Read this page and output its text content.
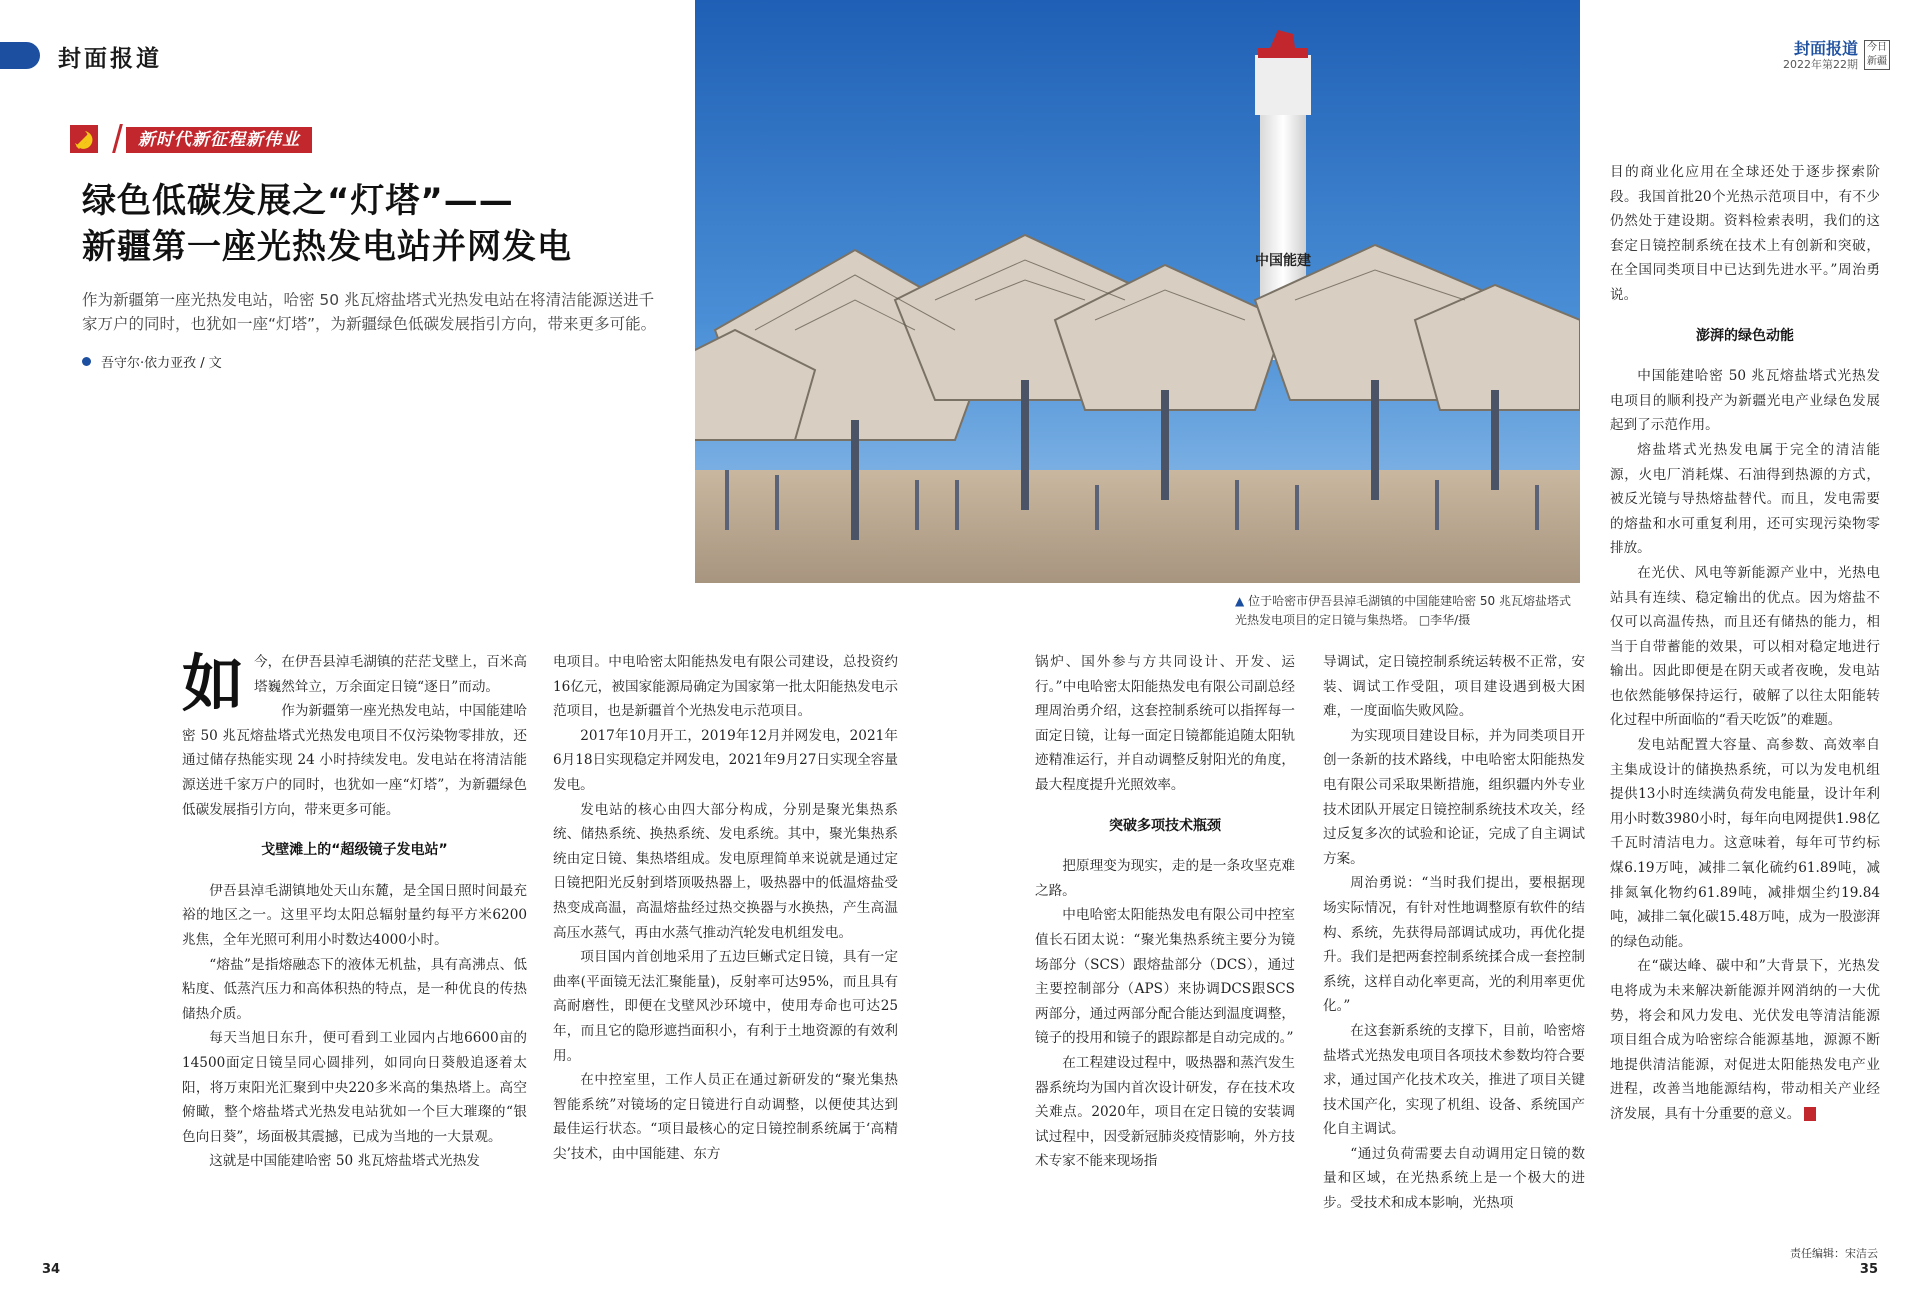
封面报道	封面报道
2022年第22期
今日新疆
新时代新征程新伟业
绿色低碳发展之“灯塔”——
新疆第一座光热发电站并网发电
作为新疆第一座光热发电站，哈密 50 兆瓦熔盐塔式光热发电站在将清洁能源送进千家万户的同时，也犹如一座“灯塔”，为新疆绿色低碳发展指引方向，带来更多可能。
吾守尔·依力亚孜 / 文
中国能建
▲ 位于哈密市伊吾县淖毛湖镇的中国能建哈密 50 兆瓦熔盐塔式光热发电项目的定日镜与集热塔。 □李华/摄
如 今，在伊吾县淖毛湖镇的茫茫戈壁上，百米高塔巍然耸立，万余面定日镜“逐日”而动。

作为新疆第一座光热发电站，中国能建哈密 50 兆瓦熔盐塔式光热发电项目不仅污染物零排放，还通过储存热能实现 24 小时持续发电。发电站在将清洁能源送进千家万户的同时，也犹如一座“灯塔”，为新疆绿色低碳发展指引方向，带来更多可能。

戈壁滩上的“超级镜子发电站”

伊吾县淖毛湖镇地处天山东麓，是全国日照时间最充裕的地区之一。这里平均太阳总辐射量约每平方米6200兆焦，全年光照可利用小时数达4000小时。

“熔盐”是指熔融态下的液体无机盐，具有高沸点、低粘度、低蒸汽压力和高体积热的特点，是一种优良的传热储热介质。

每天当旭日东升，便可看到工业园内占地6600亩的14500面定日镜呈同心圆排列，如同向日葵般追逐着太阳，将万束阳光汇聚到中央220多米高的集热塔上。高空俯瞰，整个熔盐塔式光热发电站犹如一个巨大璀璨的“银色向日葵”，场面极其震撼，已成为当地的一大景观。

这就是中国能建哈密 50 兆瓦熔盐塔式光热发

电项目。中电哈密太阳能热发电有限公司建设，总投资约16亿元，被国家能源局确定为国家第一批太阳能热发电示范项目，也是新疆首个光热发电示范项目。

2017年10月开工，2019年12月并网发电，2021年6月18日实现稳定并网发电，2021年9月27日实现全容量发电。

发电站的核心由四大部分构成，分别是聚光集热系统、储热系统、换热系统、发电系统。其中，聚光集热系统由定日镜、集热塔组成。发电原理简单来说就是通过定日镜把阳光反射到塔顶吸热器上，吸热器中的低温熔盐受热变成高温，高温熔盐经过热交换器与水换热，产生高温高压水蒸气，再由水蒸气推动汽轮发电机组发电。

项目国内首创地采用了五边巨蜥式定日镜，具有一定曲率(平面镜无法汇聚能量)，反射率可达95%，而且具有高耐磨性，即便在戈壁风沙环境中，使用寿命也可达25年，而且它的隐形遮挡面积小，有利于土地资源的有效利用。

在中控室里，工作人员正在通过新研发的“聚光集热智能系统”对镜场的定日镜进行自动调整，以便使其达到最佳运行状态。“项目最核心的定日镜控制系统属于‘高精尖’技术，由中国能建、东方

锅炉、国外参与方共同设计、开发、运行。”中电哈密太阳能热发电有限公司副总经理周治勇介绍，这套控制系统可以指挥每一面定日镜，让每一面定日镜都能追随太阳轨迹精准运行，并自动调整反射阳光的角度，最大程度提升光照效率。

突破多项技术瓶颈

把原理变为现实，走的是一条攻坚克难之路。

中电哈密太阳能热发电有限公司中控室值长石团太说：“聚光集热系统主要分为镜场部分（SCS）跟熔盐部分（DCS），通过主要控制部分（APS）来协调DCS跟SCS两部分，通过两部分配合能达到温度调整，镜子的投用和镜子的跟踪都是自动完成的。”

在工程建设过程中，吸热器和蒸汽发生器系统均为国内首次设计研发，存在技术攻关难点。2020年，项目在定日镜的安装调试过程中，因受新冠肺炎疫情影响，外方技术专家不能来现场指

导调试，定日镜控制系统运转极不正常，安装、调试工作受阻，项目建设遇到极大困难，一度面临失败风险。

为实现项目建设目标，并为同类项目开创一条新的技术路线，中电哈密太阳能热发电有限公司采取果断措施，组织疆内外专业技术团队开展定日镜控制系统技术攻关，经过反复多次的试验和论证，完成了自主调试方案。

周治勇说：“当时我们提出，要根据现场实际情况，有针对性地调整原有软件的结构、系统，先获得局部调试成功，再优化提升。我们是把两套控制系统揉合成一套控制系统，这样自动化率更高，光的利用率更优化。”

在这套新系统的支撑下，目前，哈密熔盐塔式光热发电项目各项技术参数均符合要求，通过国产化技术攻关，推进了项目关键技术国产化，实现了机组、设备、系统国产化自主调试。

“通过负荷需要去自动调用定日镜的数量和区域，在光热系统上是一个极大的进步。受技术和成本影响，光热项

目的商业化应用在全球还处于逐步探索阶段。我国首批20个光热示范项目中，有不少仍然处于建设期。资料检索表明，我们的这套定日镜控制系统在技术上有创新和突破，在全国同类项目中已达到先进水平。”周治勇说。

澎湃的绿色动能

中国能建哈密 50 兆瓦熔盐塔式光热发电项目的顺利投产为新疆光电产业绿色发展起到了示范作用。

熔盐塔式光热发电属于完全的清洁能源，火电厂消耗煤、石油得到热源的方式，被反光镜与导热熔盐替代。而且，发电需要的熔盐和水可重复利用，还可实现污染物零排放。

在光伏、风电等新能源产业中，光热电站具有连续、稳定输出的优点。因为熔盐不仅可以高温传热，而且还有储热的能力，相当于自带蓄能的效果，可以相对稳定地进行输出。因此即便是在阴天或者夜晚，发电站也依然能够保持运行，破解了以往太阳能转化过程中所面临的“看天吃饭”的难题。

发电站配置大容量、高参数、高效率自主集成设计的储换热系统，可以为发电机组提供13小时连续满负荷发电能量，设计年利用小时数3980小时，每年向电网提供1.98亿千瓦时清洁电力。这意味着，每年可节约标煤6.19万吨，减排二氧化硫约61.89吨，减排氮氧化物约61.89吨，减排烟尘约19.84吨，减排二氧化碳15.48万吨，成为一股澎湃的绿色动能。

在“碳达峰、碳中和”大背景下，光热发电将成为未来解决新能源并网消纳的一大优势，将会和风力发电、光伏发电等清洁能源项目组合成为哈密综合能源基地，源源不断地提供清洁能源，对促进太阳能热发电产业进程，改善当地能源结构，带动相关产业经济发展，具有十分重要的意义。

责任编辑：宋洁云
34	35
